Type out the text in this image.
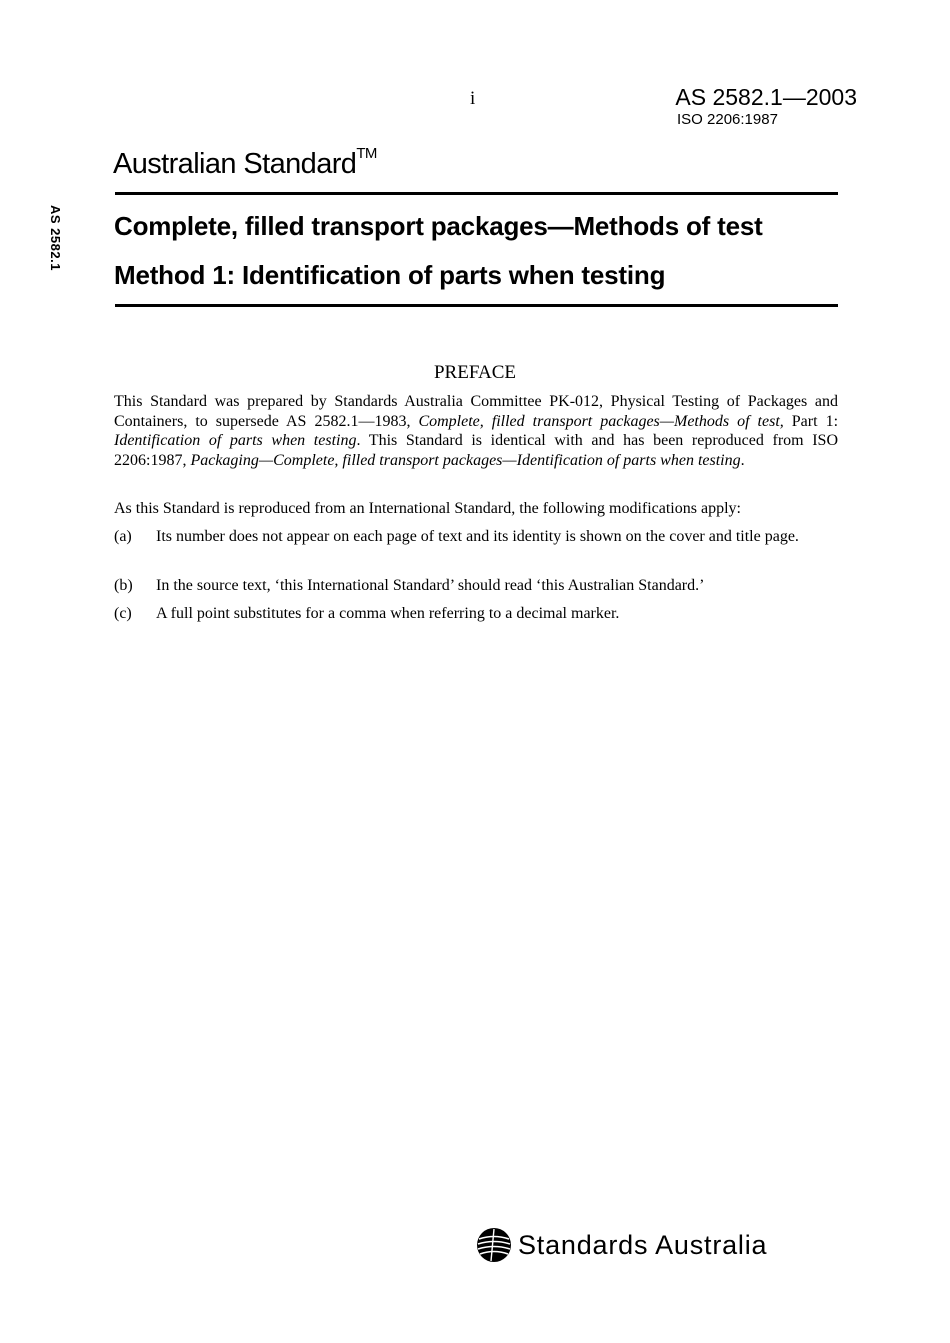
i	AS 2582.1—2003
ISO 2206:1987
AS 2582.1
Australian Standard™
Complete, filled transport packages—Methods of test
Method 1: Identification of parts when testing
PREFACE

This Standard was prepared by Standards Australia Committee PK-012, Physical Testing of Packages and Containers, to supersede AS 2582.1—1983, Complete, filled transport packages—Methods of test, Part 1: Identification of parts when testing. This Standard is identical with and has been reproduced from ISO 2206:1987, Packaging—Complete, filled transport packages—Identification of parts when testing.

As this Standard is reproduced from an International Standard, the following modifications apply:

(a)	Its number does not appear on each page of text and its identity is shown on the cover and title page.
(b)	In the source text, ‘this International Standard’ should read ‘this Australian Standard.’
(c)	A full point substitutes for a comma when referring to a decimal marker.
Standards Australia
